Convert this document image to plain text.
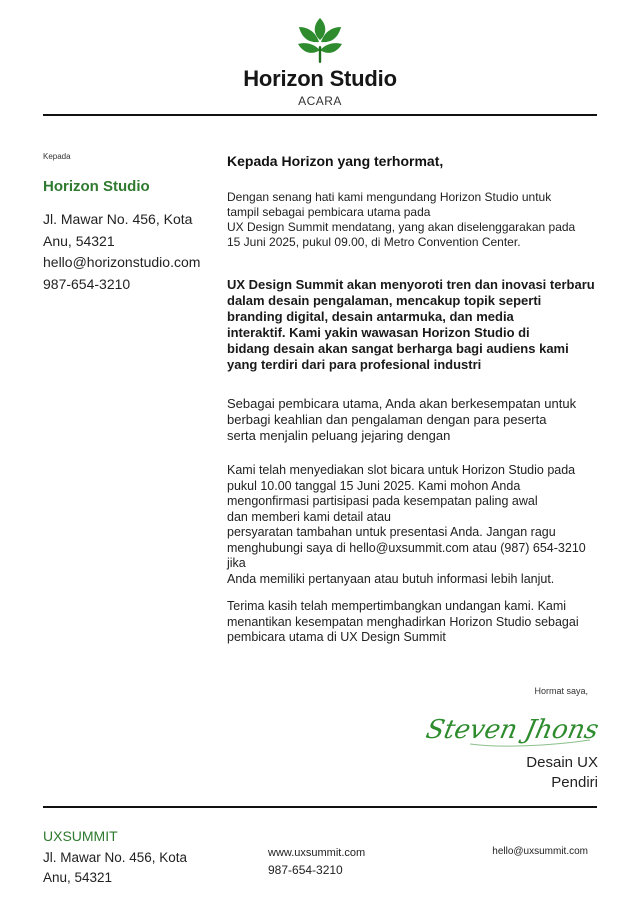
Horizon Studio
ACARA
Kepada
Horizon Studio
Jl. Mawar No. 456, Kota Anu, 54321
hello@horizonstudio.com
987-654-3210
Kepada Horizon yang terhormat,
Dengan senang hati kami mengundang Horizon Studio untuk
tampil sebagai pembicara utama pada
UX Design Summit mendatang, yang akan diselenggarakan pada
15 Juni 2025, pukul 09.00, di Metro Convention Center.
UX Design Summit akan menyoroti tren dan inovasi terbaru
dalam desain pengalaman, mencakup topik seperti
branding digital, desain antarmuka, dan media
interaktif. Kami yakin wawasan Horizon Studio di
bidang desain akan sangat berharga bagi audiens kami
yang terdiri dari para profesional industri
Sebagai pembicara utama, Anda akan berkesempatan untuk
berbagi keahlian dan pengalaman dengan para peserta
serta menjalin peluang jejaring dengan
Kami telah menyediakan slot bicara untuk Horizon Studio pada
pukul 10.00 tanggal 15 Juni 2025. Kami mohon Anda
mengonfirmasi partisipasi pada kesempatan paling awal
dan memberi kami detail atau
persyaratan tambahan untuk presentasi Anda. Jangan ragu
menghubungi saya di hello@uxsummit.com atau (987) 654-3210
jika
Anda memiliki pertanyaan atau butuh informasi lebih lanjut.
Terima kasih telah mempertimbangkan undangan kami. Kami
menantikan kesempatan menghadirkan Horizon Studio sebagai
pembicara utama di UX Design Summit
Hormat saya,
Steven Jhons
Desain UX
Pendiri
UXSUMMIT
Jl. Mawar No. 456, Kota Anu, 54321
www.uxsummit.com
987-654-3210
hello@uxsummit.com
